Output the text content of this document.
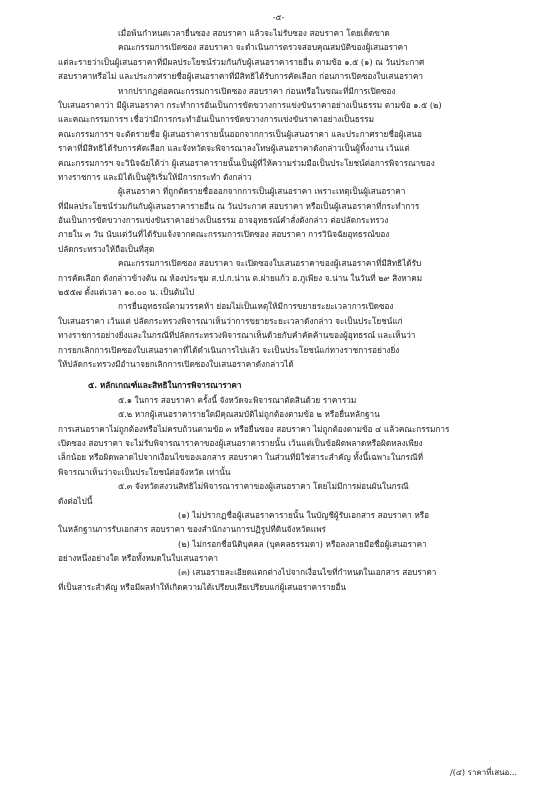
-๕-
เมื่อพ้นกำหนดเวลายื่นซอง สอบราคา แล้วจะไม่รับซอง สอบราคา โดยเด็ดขาด
คณะกรรมการเปิดซอง สอบราคา จะดำเนินการตรวจสอบคุณสมบัติของผู้เสนอราคา
แต่ละรายว่าเป็นผู้เสนอราคาที่มีผลประโยชน์ร่วมกันกับผู้เสนอราคารายอื่น ตามข้อ ๑.๕ (๑) ณ วันประกาศ
สอบราคาหรือไม่ และประกาศรายชื่อผู้เสนอราคาที่มีสิทธิได้รับการคัดเลือก ก่อนการเปิดซองใบเสนอราคา
หากปรากฏต่อคณะกรรมการเปิดซอง สอบราคา ก่อนหรือในขณะที่มีการเปิดซอง
ใบเสนอราคาว่า มีผู้เสนอราคา กระทำการอันเป็นการขัดขวางการแข่งขันราคาอย่างเป็นธรรม ตามข้อ ๑.๕ (๒)
และคณะกรรมการฯ เชื่อว่ามีการกระทำอันเป็นการขัดขวางการแข่งขันราคาอย่างเป็นธรรม
คณะกรรมการฯ จะตัดรายชื่อ ผู้เสนอราคารายนั้นออกจากการเป็นผู้เสนอราคา และประกาศรายชื่อผู้เสนอ
ราคาที่มีสิทธิได้รับการคัดเลือก และจังหวัดจะพิจารณาลงโทษผู้เสนอราคาดังกล่าวเป็นผู้ทิ้งงาน เว้นแต่
คณะกรรมการฯ จะวินิจฉัยได้ว่า ผู้เสนอราคารายนั้นเป็นผู้ที่ให้ความร่วมมือเป็นประโยชน์ต่อการพิจารณาของ
ทางราชการ และมิได้เป็นผู้ริเริ่มให้มีการกระทำ ดังกล่าว
ผู้เสนอราคา ที่ถูกตัดรายชื่อออกจากการเป็นผู้เสนอราคา เพราะเหตุเป็นผู้เสนอราคา
ที่มีผลประโยชน์ร่วมกันกับผู้เสนอราคารายอื่น ณ วันประกาศ สอบราคา หรือเป็นผู้เสนอราคาที่กระทำการ
อันเป็นการขัดขวางการแข่งขันราคาอย่างเป็นธรรม อาจอุทธรณ์คำสั่งดังกล่าว ต่อปลัดกระทรวง
ภายใน ๓ วัน นับแต่วันที่ได้รับแจ้งจากคณะกรรมการเปิดซอง สอบราคา การวินิจฉัยอุทธรณ์ของ
ปลัดกระทรวงให้ถือเป็นที่สุด
คณะกรรมการเปิดซอง สอบราคา จะเปิดซองใบเสนอราคาของผู้เสนอราคาที่มีสิทธิได้รับ
การคัดเลือก ดังกล่าวข้างต้น ณ ห้องประชุม ส.ป.ก.น่าน ต.ฝายแก้ว อ.ภูเพียง จ.น่าน ในวันที่ ๒๙ สิงหาคม
๒๕๕๗ ตั้งแต่เวลา ๑๐.๐๐ น. เป็นต้นไป
การยื่นอุทธรณ์ตามวรรคห้า ย่อมไม่เป็นเหตุให้มีการขยายระยะเวลาการเปิดซอง
ใบเสนอราคา เว้นแต่ ปลัดกระทรวงพิจารณาเห็นว่าการขยายระยะเวลาดังกล่าว จะเป็นประโยชน์แก่
ทางราชการอย่างยิ่งและในกรณีที่ปลัดกระทรวงพิจารณาเห็นด้วยกับคำคัดค้านของผู้อุทธรณ์ และเห็นว่า
การยกเลิกการเปิดซองใบเสนอราคาที่ได้ดำเนินการไปแล้ว จะเป็นประโยชน์แก่ทางราชการอย่างยิ่ง
ให้ปลัดกระทรวงมีอำนาจยกเลิกการเปิดซองใบเสนอราคาดังกล่าวได้
๕. หลักเกณฑ์และสิทธิในการพิจารณาราคา
๕.๑ ในการ สอบราคา ครั้งนี้ จังหวัดจะพิจารณาตัดสินด้วย ราคารวม
๕.๒ หากผู้เสนอราคารายใดมีคุณสมบัติไม่ถูกต้องตามข้อ ๒ หรือยื่นหลักฐาน
การเสนอราคาไม่ถูกต้องหรือไม่ครบถ้วนตามข้อ ๓ หรือยื่นซอง สอบราคา ไม่ถูกต้องตามข้อ ๔ แล้วคณะกรรมการ
เปิดซอง สอบราคา จะไม่รับพิจารณาราคาของผู้เสนอราคารายนั้น เว้นแต่เป็นข้อผิดพลาดหรือผิดหลงเพียง
เล็กน้อย หรือผิดพลาดไปจากเงื่อนไขของเอกสาร สอบราคา ในส่วนที่มิใช่สาระสำคัญ ทั้งนี้เฉพาะในกรณีที่
พิจารณาเห็นว่าจะเป็นประโยชน์ต่อจังหวัด เท่านั้น
๕.๓ จังหวัดสงวนสิทธิไม่พิจารณาราคาของผู้เสนอราคา โดยไม่มีการผ่อนผันในกรณี
ดังต่อไปนี้
(๑) ไม่ปรากฏชื่อผู้เสนอราคารายนั้น ในบัญชีผู้รับเอกสาร สอบราคา หรือ
ในหลักฐานการรับเอกสาร สอบราคา ของสำนักงานการปฏิรูปที่ดินจังหวัดแพร่
(๒) ไม่กรอกชื่อนิติบุคคล (บุคคลธรรมดา) หรือลงลายมือชื่อผู้เสนอราคา
อย่างหนึ่งอย่างใด หรือทั้งหมดในใบเสนอราคา
(๓) เสนอรายละเอียดแตกต่างไปจากเงื่อนไขที่กำหนดในเอกสาร สอบราคา
ที่เป็นสาระสำคัญ หรือมีผลทำให้เกิดความได้เปรียบเสียเปรียบแก่ผู้เสนอราคารายอื่น
/(๔) ราคาที่เสนอ...
